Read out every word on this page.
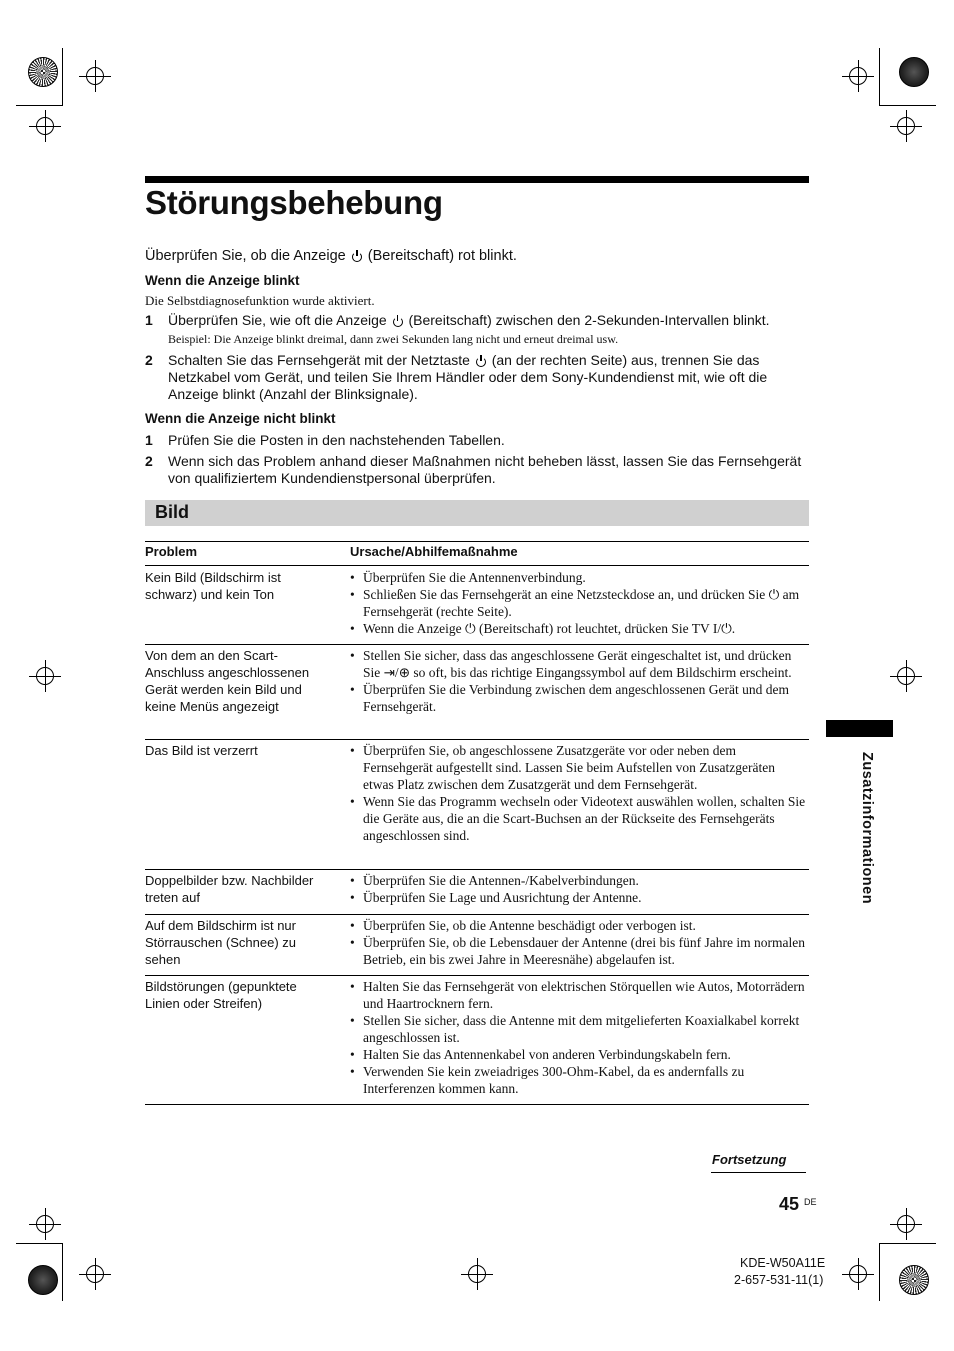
Störungsbehebung
Überprüfen Sie, ob die Anzeige (Bereitschaft) rot blinkt.
Wenn die Anzeige blinkt
Die Selbstdiagnosefunktion wurde aktiviert.
1 Überprüfen Sie, wie oft die Anzeige (Bereitschaft) zwischen den 2-Sekunden-Intervallen blinkt.
Beispiel: Die Anzeige blinkt dreimal, dann zwei Sekunden lang nicht und erneut dreimal usw.
2 Schalten Sie das Fernsehgerät mit der Netztaste (an der rechten Seite) aus, trennen Sie das Netzkabel vom Gerät, und teilen Sie Ihrem Händler oder dem Sony-Kundendienst mit, wie oft die Anzeige blinkt (Anzahl der Blinksignale).
Wenn die Anzeige nicht blinkt
1 Prüfen Sie die Posten in den nachstehenden Tabellen.
2 Wenn sich das Problem anhand dieser Maßnahmen nicht beheben lässt, lassen Sie das Fernsehgerät von qualifiziertem Kundendienstpersonal überprüfen.
Bild
Problem	Ursache/Abhilfemaßnahme
Kein Bild (Bildschirm ist schwarz) und kein Ton
• Überprüfen Sie die Antennenverbindung.
• Schließen Sie das Fernsehgerät an eine Netzsteckdose an, und drücken Sie ⏻ am Fernsehgerät (rechte Seite).
• Wenn die Anzeige ⏻ (Bereitschaft) rot leuchtet, drücken Sie TV I/⏻.
Von dem an den Scart-Anschluss angeschlossenen Gerät werden kein Bild und keine Menüs angezeigt
• Stellen Sie sicher, dass das angeschlossene Gerät eingeschaltet ist, und drücken Sie ⇥/⊕ so oft, bis das richtige Eingangssymbol auf dem Bildschirm erscheint.
• Überprüfen Sie die Verbindung zwischen dem angeschlossenen Gerät und dem Fernsehgerät.
Das Bild ist verzerrt
•	Überprüfen Sie, ob angeschlossene Zusatzgeräte vor oder neben dem Fernsehgerät aufgestellt sind. Lassen Sie beim Aufstellen von Zusatzgeräten etwas Platz zwischen dem Zusatzgerät und dem Fernsehgerät.
• Wenn Sie das Programm wechseln oder Videotext auswählen wollen, schalten Sie die Geräte aus, die an die Scart-Buchsen an der Rückseite des Fernsehgeräts angeschlossen sind.
Doppelbilder bzw. Nachbilder treten auf
• Überprüfen Sie die Antennen-/Kabelverbindungen.
• Überprüfen Sie Lage und Ausrichtung der Antenne.
Auf dem Bildschirm ist nur Störrauschen (Schnee) zu sehen
• Überprüfen Sie, ob die Antenne beschädigt oder verbogen ist.
• Überprüfen Sie, ob die Lebensdauer der Antenne (drei bis fünf Jahre im normalen Betrieb, ein bis zwei Jahre in Meeresnähe) abgelaufen ist.
Bildstörungen (gepunktete Linien oder Streifen)
• Halten Sie das Fernsehgerät von elektrischen Störquellen wie Autos, Motorrädern und Haartrocknern fern.
• Stellen Sie sicher, dass die Antenne mit dem mitgelieferten Koaxialkabel korrekt angeschlossen ist.
• Halten Sie das Antennenkabel von anderen Verbindungskabeln fern.
• Verwenden Sie kein zweiadriges 300-Ohm-Kabel, da es andernfalls zu Interferenzen kommen kann.
Zusatzinformationen
Fortsetzung
45 DE
KDE-W50A11E
2-657-531-11(1)
